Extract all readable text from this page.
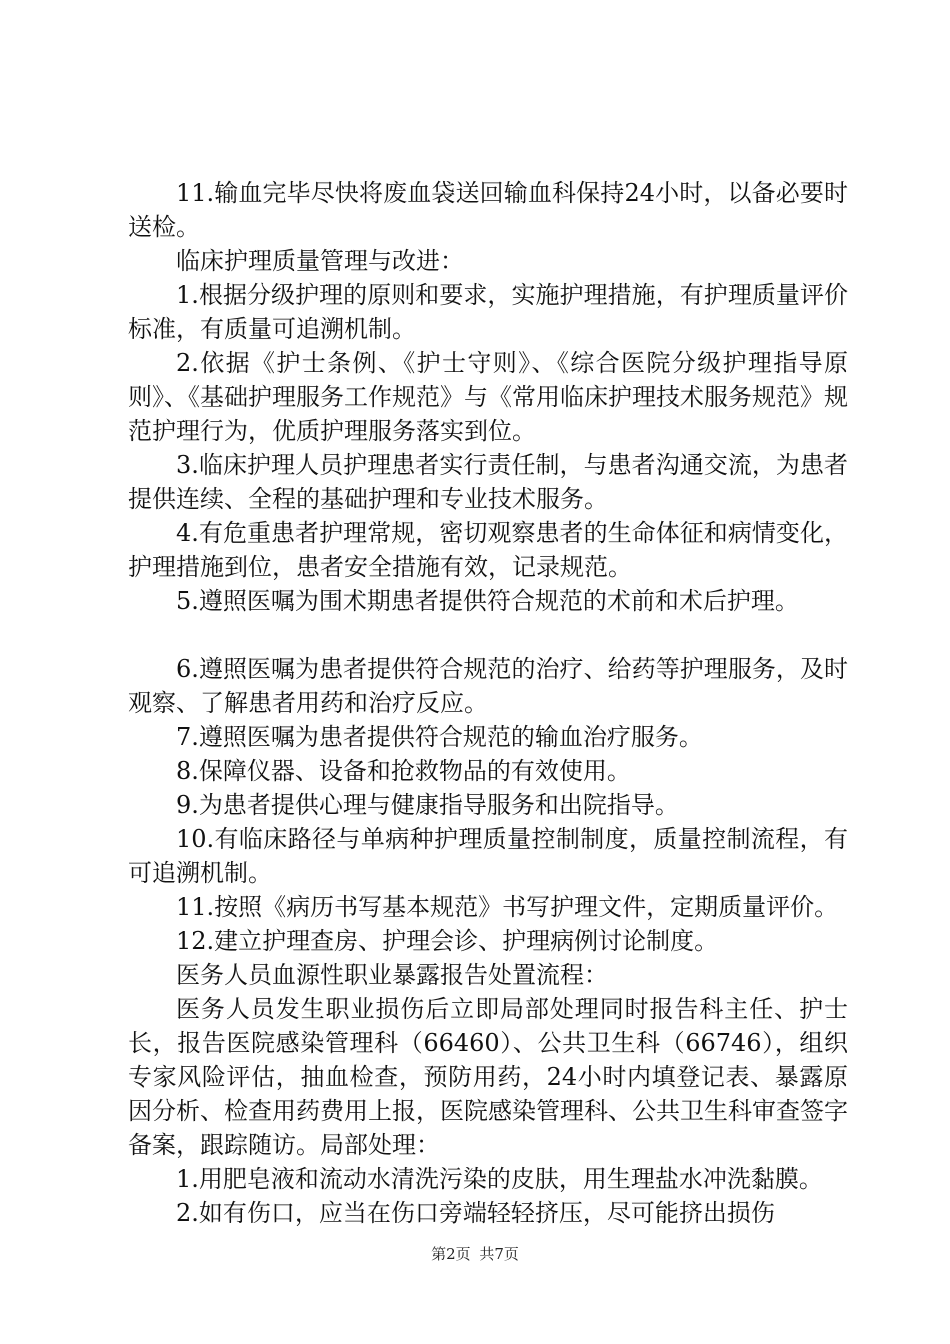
11.输血完毕尽快将废血袋送回输血科保持24小时，以备必要时送检。

临床护理质量管理与改进：

1.根据分级护理的原则和要求，实施护理措施，有护理质量评价标准，有质量可追溯机制。

2.依据《护士条例、《护士守则》、《综合医院分级护理指导原则》、《基础护理服务工作规范》与《常用临床护理技术服务规范》规范护理行为，优质护理服务落实到位。

3.临床护理人员护理患者实行责任制，与患者沟通交流，为患者提供连续、全程的基础护理和专业技术服务。

4.有危重患者护理常规，密切观察患者的生命体征和病情变化，护理措施到位，患者安全措施有效，记录规范。

5.遵照医嘱为围术期患者提供符合规范的术前和术后护理。

6.遵照医嘱为患者提供符合规范的治疗、给药等护理服务，及时观察、了解患者用药和治疗反应。

7.遵照医嘱为患者提供符合规范的输血治疗服务。

8.保障仪器、设备和抢救物品的有效使用。

9.为患者提供心理与健康指导服务和出院指导。

10.有临床路径与单病种护理质量控制制度，质量控制流程，有可追溯机制。

11.按照《病历书写基本规范》书写护理文件，定期质量评价。

12.建立护理查房、护理会诊、护理病例讨论制度。

医务人员血源性职业暴露报告处置流程：

医务人员发生职业损伤后立即局部处理同时报告科主任、护士长，报告医院感染管理科（66460）、公共卫生科（66746），组织专家风险评估，抽血检查，预防用药，24小时内填登记表、暴露原因分析、检查用药费用上报，医院感染管理科、公共卫生科审查签字备案，跟踪随访。局部处理：

1.用肥皂液和流动水清洗污染的皮肤，用生理盐水冲洗黏膜。

2.如有伤口，应当在伤口旁端轻轻挤压，尽可能挤出损伤

第2页 共7页
